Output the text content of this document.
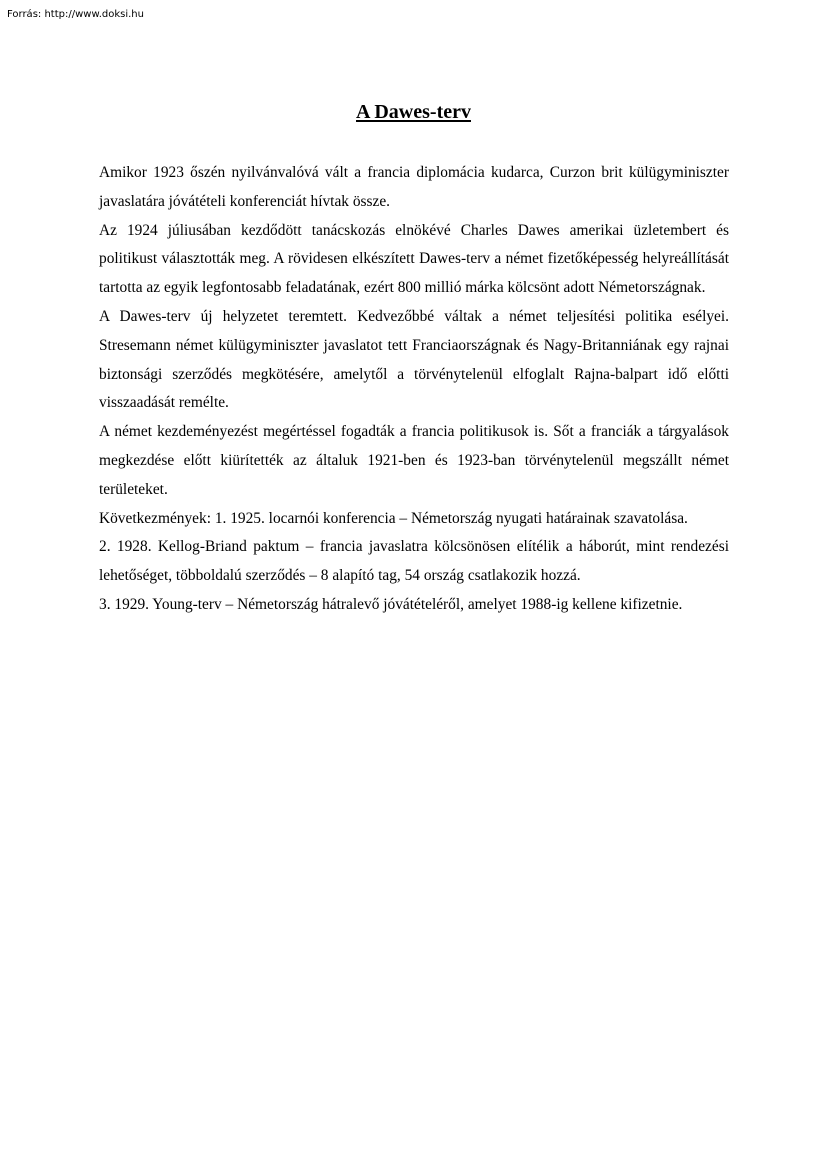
Forrás: http://www.doksi.hu
A Dawes-terv

Amikor 1923 őszén nyilvánvalóvá vált a francia diplomácia kudarca, Curzon brit külügyminiszter javaslatára jóvátételi konferenciát hívtak össze.

Az 1924 júliusában kezdődött tanácskozás elnökévé Charles Dawes amerikai üzletembert és politikust választották meg. A rövidesen elkészített Dawes-terv a német fizetőképesség helyreállítását tartotta az egyik legfontosabb feladatának, ezért 800 millió márka kölcsönt adott Németországnak.

A Dawes-terv új helyzetet teremtett. Kedvezőbbé váltak a német teljesítési politika esélyei. Stresemann német külügyminiszter javaslatot tett Franciaországnak és Nagy-Britanniának egy rajnai biztonsági szerződés megkötésére, amelytől a törvénytelenül elfoglalt Rajna-balpart idő előtti visszaadását remélte.

A német kezdeményezést megértéssel fogadták a francia politikusok is. Sőt a franciák a tárgyalások megkezdése előtt kiürítették az általuk 1921-ben és 1923-ban törvénytelenül megszállt német területeket.

Következmények: 1. 1925. locarnói konferencia – Németország nyugati határainak szavatolása.

2. 1928. Kellog-Briand paktum – francia javaslatra kölcsönösen elítélik a háborút, mint rendezési lehetőséget, többoldalú szerződés – 8 alapító tag, 54 ország csatlakozik hozzá.

3. 1929. Young-terv – Németország hátralevő jóvátételéről, amelyet 1988-ig kellene kifizetnie.
